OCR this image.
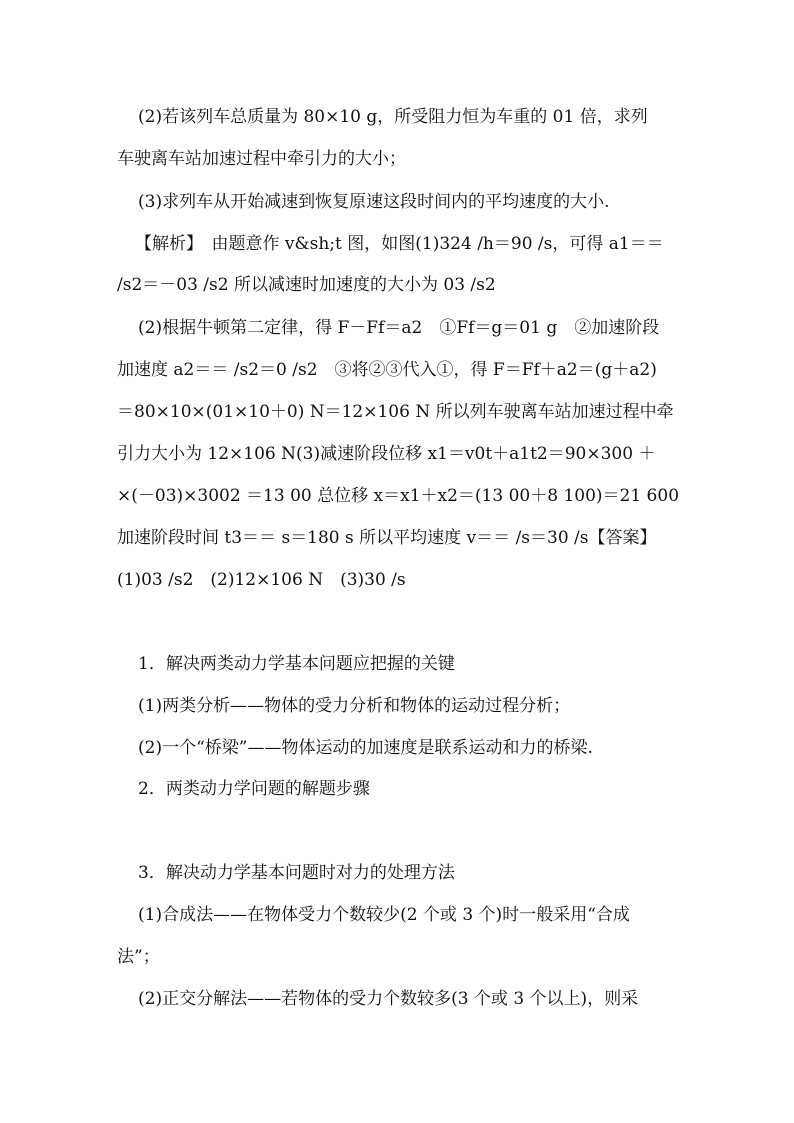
(2)若该列车总质量为 80×10 g，所受阻力恒为车重的 01 倍，求列
车驶离车站加速过程中牵引力的大小；
(3)求列车从开始减速到恢复原速这段时间内的平均速度的大小.
【解析】　由题意作 v&sh;t 图，如图(1)324 /h＝90 /s，可得 a1＝＝
/s2＝－03 /s2 所以减速时加速度的大小为 03 /s2
(2)根据牛顿第二定律，得 F－Ff＝a2　①Ff＝g＝01 g　②加速阶段
加速度 a2＝＝ /s2＝0 /s2　③将②③代入①，得 F＝Ff＋a2＝(g＋a2)
＝80×10×(01×10＋0) N＝12×106 N 所以列车驶离车站加速过程中牵
引力大小为 12×106 N(3)减速阶段位移 x1＝v0t＋a1t2＝90×300 ＋
×(－03)×3002 ＝13 00 总位移 x＝x1＋x2＝(13 00＋8 100)＝21 600
加速阶段时间 t3＝＝ s＝180 s 所以平均速度 v＝＝ /s＝30 /s【答案】
(1)03 /s2　(2)12×106 N　(3)30 /s
1．解决两类动力学基本问题应把握的关键
(1)两类分析——物体的受力分析和物体的运动过程分析；
(2)一个“桥梁”——物体运动的加速度是联系运动和力的桥梁.
2．两类动力学问题的解题步骤
3．解决动力学基本问题时对力的处理方法
(1)合成法——在物体受力个数较少(2 个或 3 个)时一般采用“合成
法”；
(2)正交分解法——若物体的受力个数较多(3 个或 3 个以上)，则采
